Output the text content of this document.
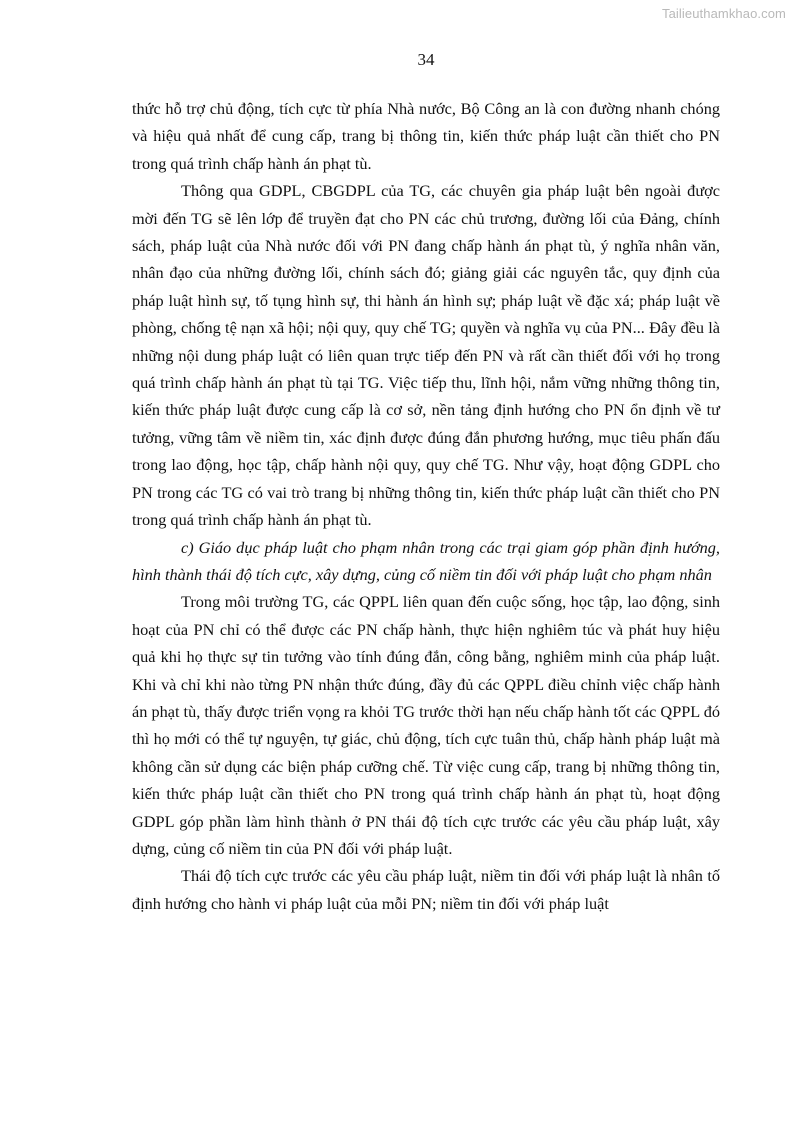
Tailieuthamkhao.com
34

thức hỗ trợ chủ động, tích cực từ phía Nhà nước, Bộ Công an là con đường nhanh chóng và hiệu quả nhất để cung cấp, trang bị thông tin, kiến thức pháp luật cần thiết cho PN trong quá trình chấp hành án phạt tù.

Thông qua GDPL, CBGDPL của TG, các chuyên gia pháp luật bên ngoài được mời đến TG sẽ lên lớp để truyền đạt cho PN các chủ trương, đường lối của Đảng, chính sách, pháp luật của Nhà nước đối với PN đang chấp hành án phạt tù, ý nghĩa nhân văn, nhân đạo của những đường lối, chính sách đó; giảng giải các nguyên tắc, quy định của pháp luật hình sự, tố tụng hình sự, thi hành án hình sự; pháp luật về đặc xá; pháp luật về phòng, chống tệ nạn xã hội; nội quy, quy chế TG; quyền và nghĩa vụ của PN... Đây đều là những nội dung pháp luật có liên quan trực tiếp đến PN và rất cần thiết đối với họ trong quá trình chấp hành án phạt tù tại TG. Việc tiếp thu, lĩnh hội, nắm vững những thông tin, kiến thức pháp luật được cung cấp là cơ sở, nền tảng định hướng cho PN ổn định về tư tưởng, vững tâm về niềm tin, xác định được đúng đắn phương hướng, mục tiêu phấn đấu trong lao động, học tập, chấp hành nội quy, quy chế TG. Như vậy, hoạt động GDPL cho PN trong các TG có vai trò trang bị những thông tin, kiến thức pháp luật cần thiết cho PN trong quá trình chấp hành án phạt tù.

c) Giáo dục pháp luật cho phạm nhân trong các trại giam góp phần định hướng, hình thành thái độ tích cực, xây dựng, củng cố niềm tin đối với pháp luật cho phạm nhân

Trong môi trường TG, các QPPL liên quan đến cuộc sống, học tập, lao động, sinh hoạt của PN chỉ có thể được các PN chấp hành, thực hiện nghiêm túc và phát huy hiệu quả khi họ thực sự tin tưởng vào tính đúng đắn, công bằng, nghiêm minh của pháp luật. Khi và chỉ khi nào từng PN nhận thức đúng, đầy đủ các QPPL điều chỉnh việc chấp hành án phạt tù, thấy được triển vọng ra khỏi TG trước thời hạn nếu chấp hành tốt các QPPL đó thì họ mới có thể tự nguyện, tự giác, chủ động, tích cực tuân thủ, chấp hành pháp luật mà không cần sử dụng các biện pháp cưỡng chế. Từ việc cung cấp, trang bị những thông tin, kiến thức pháp luật cần thiết cho PN trong quá trình chấp hành án phạt tù, hoạt động GDPL góp phần làm hình thành ở PN thái độ tích cực trước các yêu cầu pháp luật, xây dựng, củng cố niềm tin của PN đối với pháp luật.

Thái độ tích cực trước các yêu cầu pháp luật, niềm tin đối với pháp luật là nhân tố định hướng cho hành vi pháp luật của mỗi PN; niềm tin đối với pháp luật
